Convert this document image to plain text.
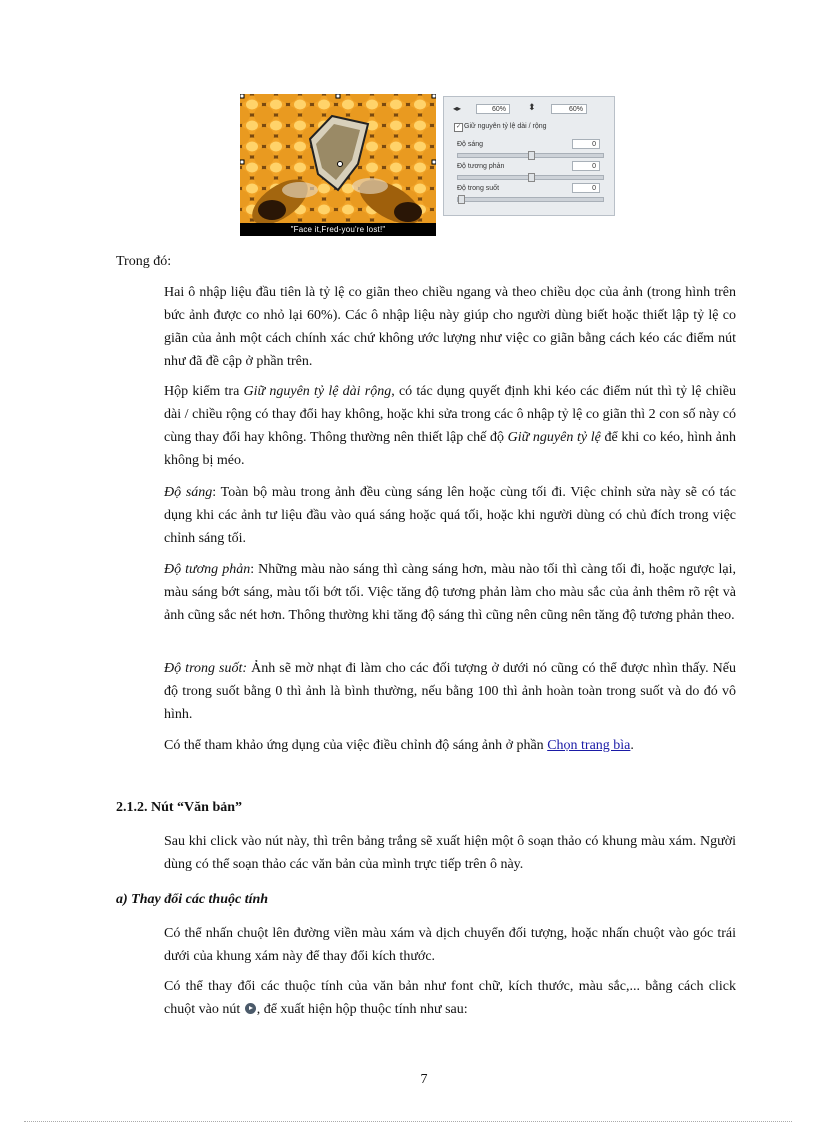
"Face it,Fred-you're lost!"
◂▸	60%	⬍	60%
✓ Giữ nguyên tỷ lệ dài / rộng
Độ sáng	0
Độ tương phản	0
Độ trong suốt	0
Trong đó:
Hai ô nhập liệu đầu tiên là tỷ lệ co giãn theo chiều ngang và theo chiều dọc của ảnh (trong hình trên bức ảnh được co nhỏ lại 60%). Các ô nhập liệu này giúp cho người dùng biết hoặc thiết lập tỷ lệ co giãn của ảnh một cách chính xác chứ không ước lượng như việc co giãn bằng cách kéo các điểm nút như đã đề cập ở phần trên.
Hộp kiểm tra Giữ nguyên tỷ lệ dài rộng, có tác dụng quyết định khi kéo các điểm nút thì tỷ lệ chiều dài / chiều rộng có thay đổi hay không, hoặc khi sửa trong các ô nhập tỷ lệ co giãn thì 2 con số này có cùng thay đổi hay không. Thông thường nên thiết lập chế độ Giữ nguyên tỷ lệ để khi co kéo, hình ảnh không bị méo.
Độ sáng: Toàn bộ màu trong ảnh đều cùng sáng lên hoặc cùng tối đi. Việc chỉnh sửa này sẽ có tác dụng khi các ảnh tư liệu đầu vào quá sáng hoặc quá tối, hoặc khi người dùng có chủ đích trong việc chỉnh sáng tối.
Độ tương phản: Những màu nào sáng thì càng sáng hơn, màu nào tối thì càng tối đi, hoặc ngược lại, màu sáng bớt sáng, màu tối bớt tối. Việc tăng độ tương phản làm cho màu sắc của ảnh thêm rõ rệt và ảnh cũng sắc nét hơn. Thông thường khi tăng độ sáng thì cũng nên cũng nên tăng độ tương phản theo.
Độ trong suốt: Ảnh sẽ mờ nhạt đi làm cho các đối tượng ở dưới nó cũng có thể được nhìn thấy. Nếu độ trong suốt bằng 0 thì ảnh là bình thường, nếu bằng 100 thì ảnh hoàn toàn trong suốt và do đó vô hình.
Có thể tham khảo ứng dụng của việc điều chỉnh độ sáng ảnh ở phần Chọn trang bìa.
2.1.2. Nút “Văn bản”
Sau khi click vào nút này, thì trên bảng trắng sẽ xuất hiện một ô soạn thảo có khung màu xám. Người dùng có thể soạn thảo các văn bản của mình trực tiếp trên ô này.
a) Thay đổi các thuộc tính
Có thể nhấn chuột lên đường viền màu xám và dịch chuyển đối tượng, hoặc nhấn chuột vào góc trái dưới của khung xám này để thay đổi kích thước.
Có thể thay đổi các thuộc tính của văn bản như font chữ, kích thước, màu sắc,... bằng cách click chuột vào nút , để xuất hiện hộp thuộc tính như sau:
7
